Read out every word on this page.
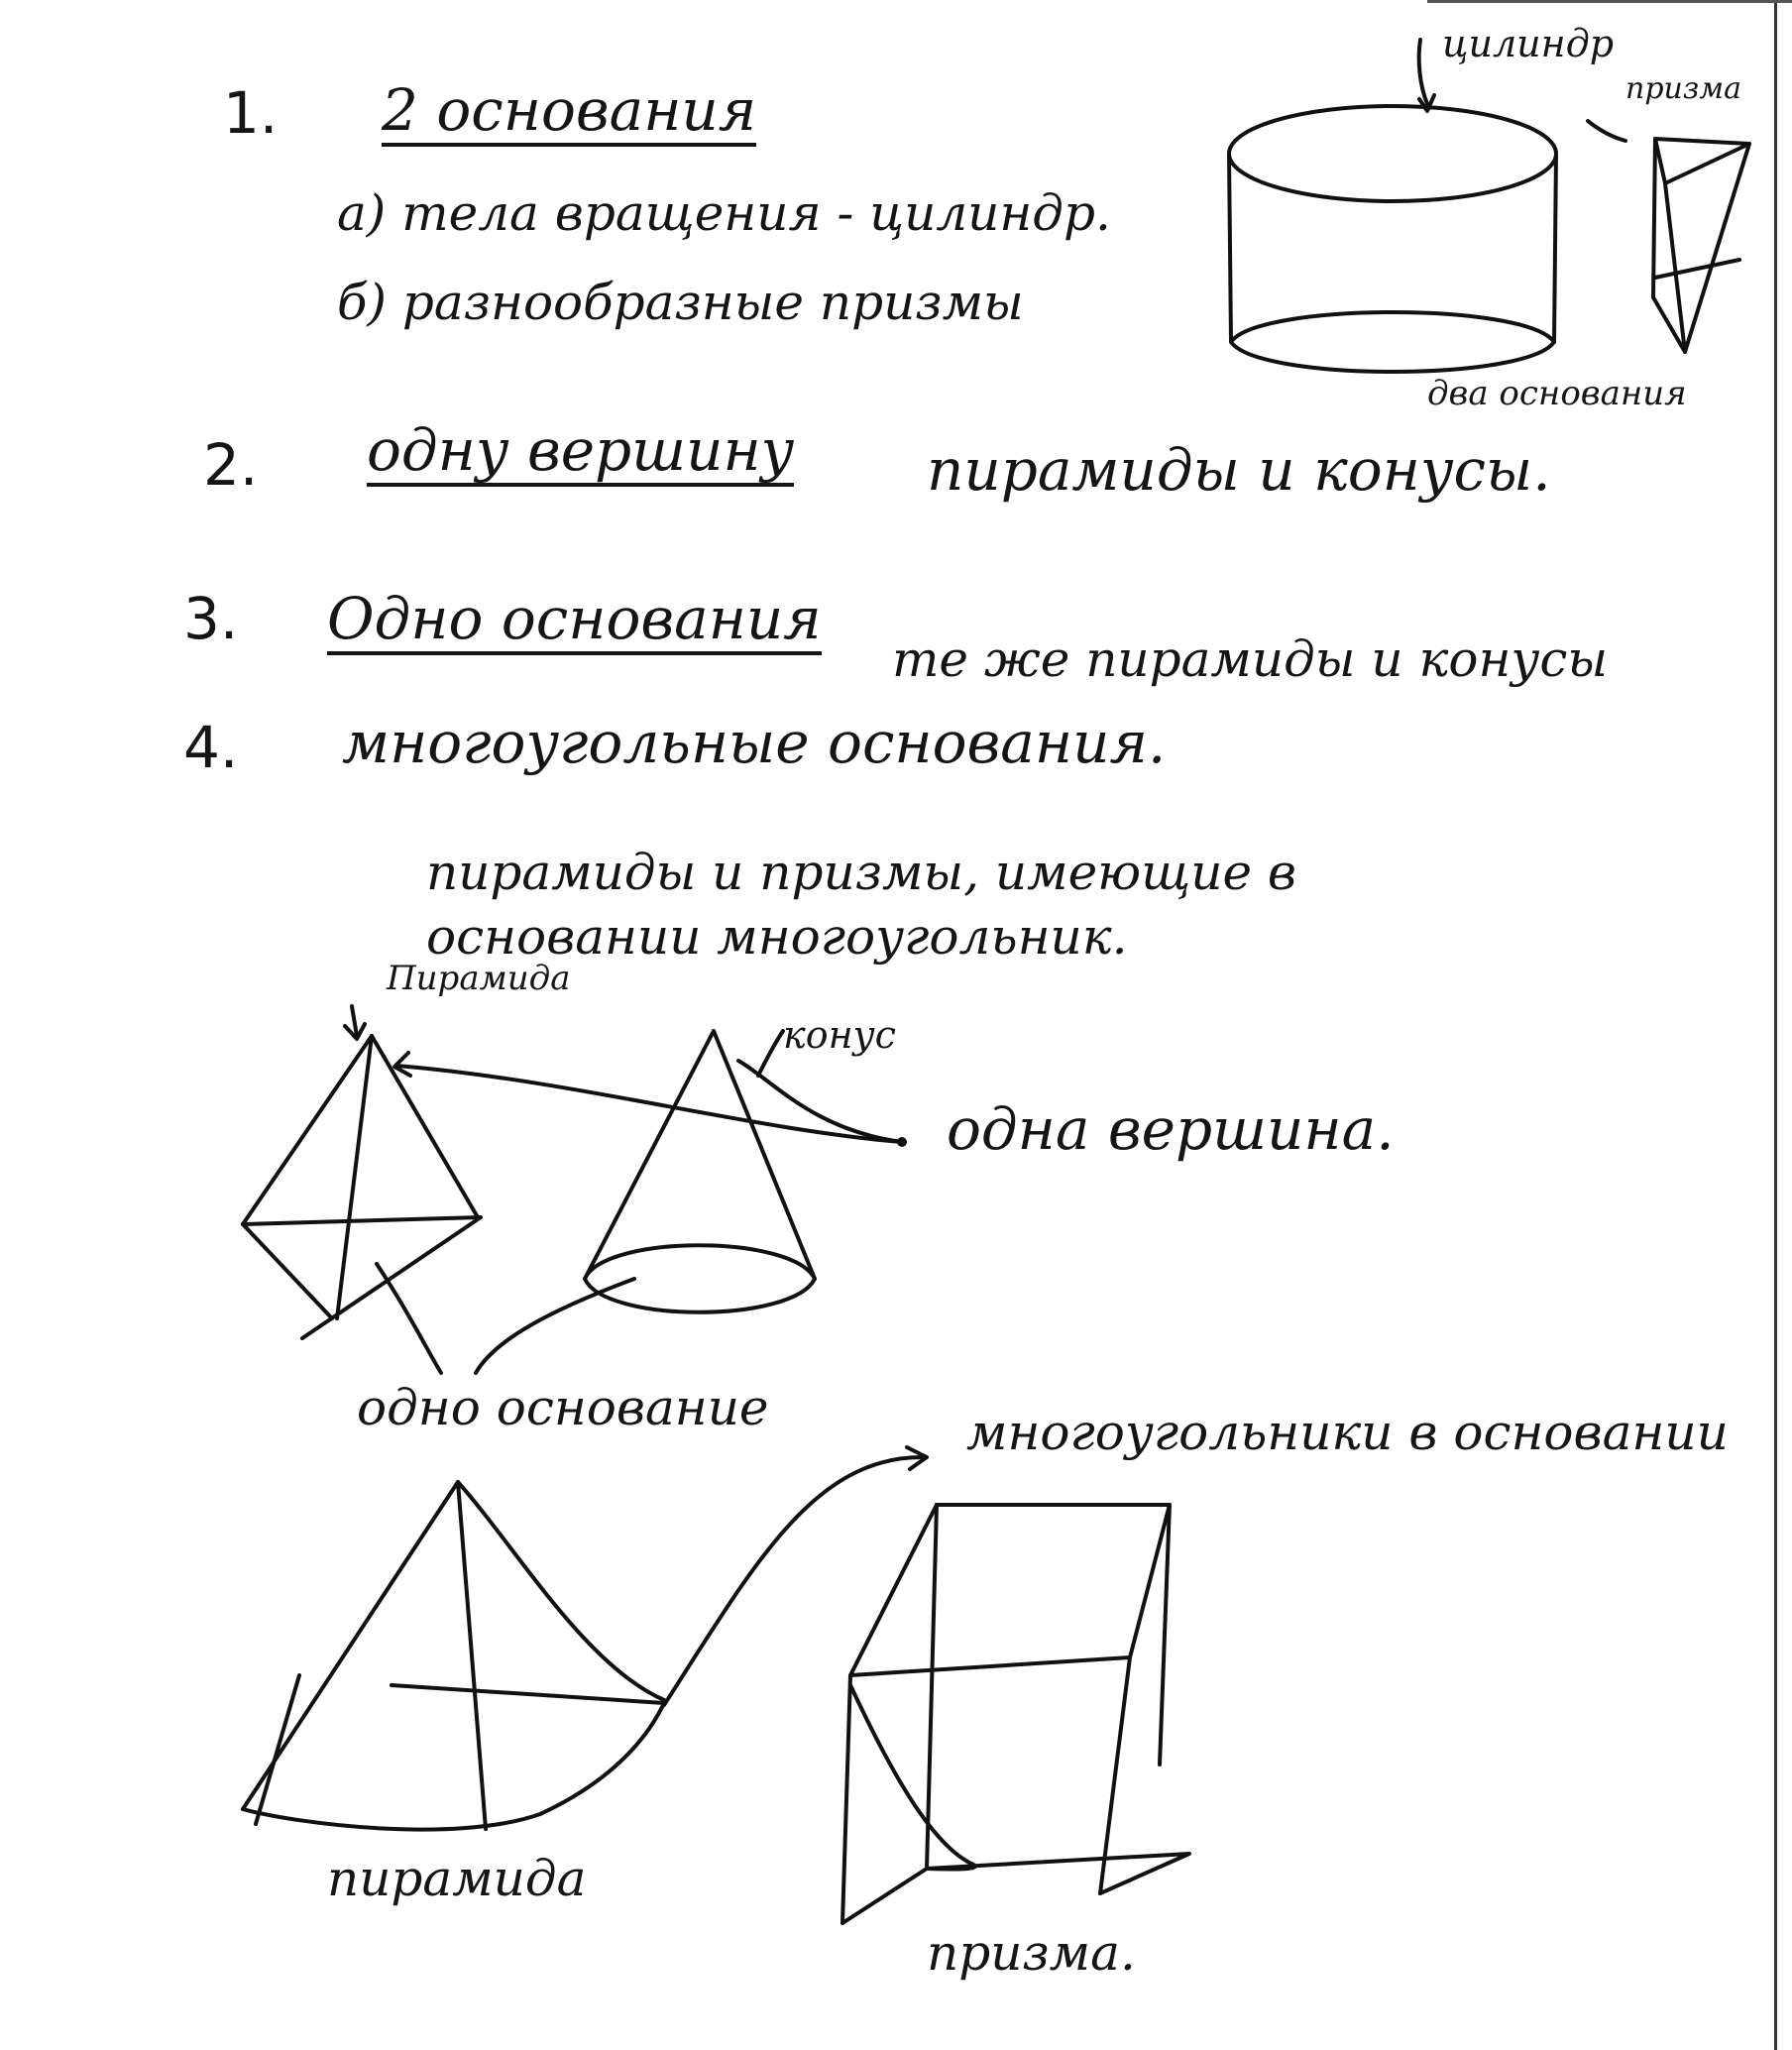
1. 2 основания
а) тела вращения - цилиндр.
б) разнообразные призмы
2. одну вершину пирамиды и конусы.
3. Одно основания
те же пирамиды и конусы
4. многоугольные основания.
пирамиды и призмы, имеющие в
основании многоугольник.
цилиндр
призма
два основания
Пирамида
конус
одна вершина.
одно основание	многоугольники в основании
пирамида
призма.
